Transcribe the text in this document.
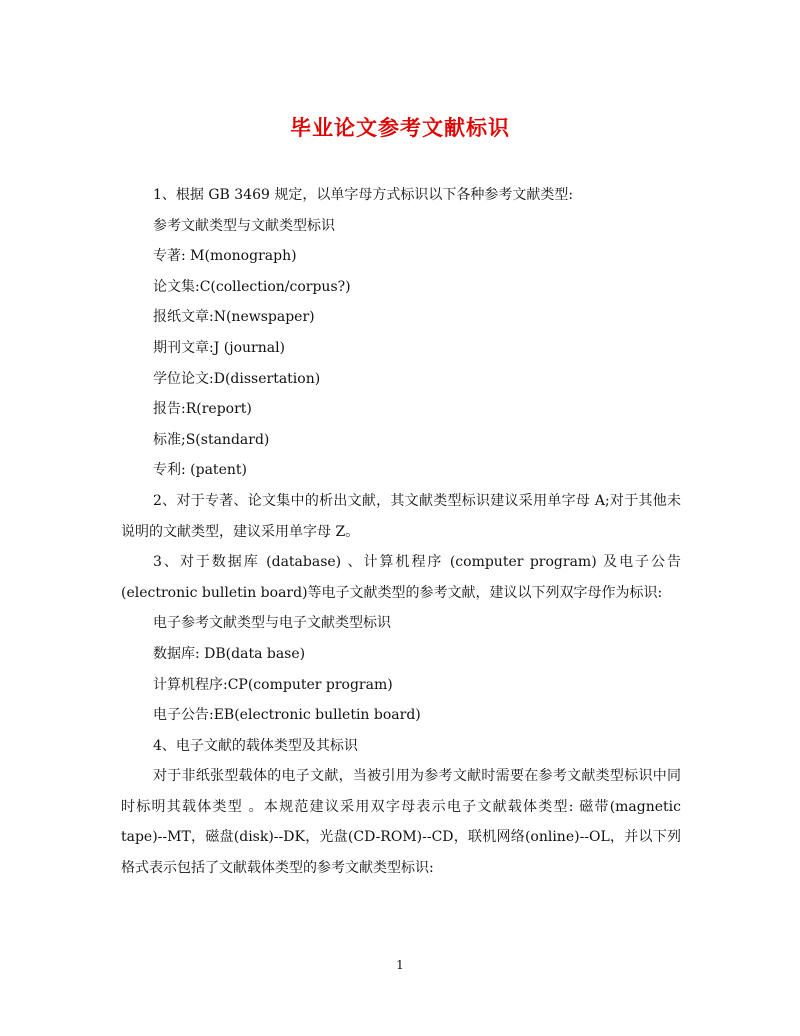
毕业论文参考文献标识
1、根据 GB 3469 规定，以单字母方式标识以下各种参考文献类型:
参考文献类型与文献类型标识
专著: M(monograph)
论文集:C(collection/corpus?)
报纸文章:N(newspaper)
期刊文章:J (journal)
学位论文:D(dissertation)
报告:R(report)
标准;S(standard)
专利: (patent)
2、对于专著、论文集中的析出文献，其文献类型标识建议采用单字母 A;对于其他未说明的文献类型，建议采用单字母 Z。
3、对于数据库 (database) 、计算机程序 (computer program) 及电子公告(electronic bulletin board)等电子文献类型的参考文献，建议以下列双字母作为标识:
电子参考文献类型与电子文献类型标识
数据库: DB(data base)
计算机程序:CP(computer program)
电子公告:EB(electronic bulletin board)
4、电子文献的载体类型及其标识
对于非纸张型载体的电子文献，当被引用为参考文献时需要在参考文献类型标识中同时标明其载体类型 。本规范建议采用双字母表示电子文献载体类型: 磁带(magnetic tape)--MT，磁盘(disk)--DK，光盘(CD-ROM)--CD，联机网络(online)--OL，并以下列格式表示包括了文献载体类型的参考文献类型标识:
1
